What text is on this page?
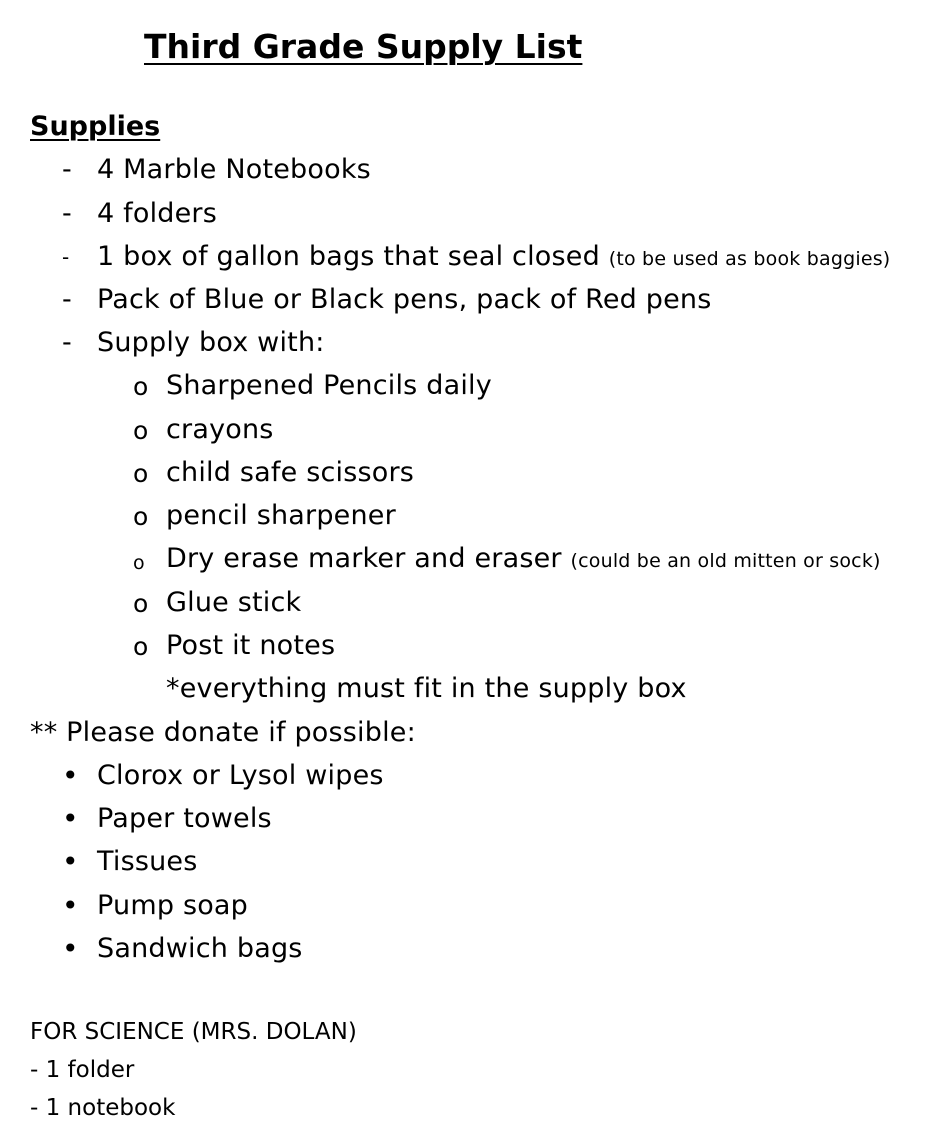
Third Grade Supply List
Supplies
- 4 Marble Notebooks
- 4 folders
- 1 box of gallon bags that seal closed (to be used as book baggies)
- Pack of Blue or Black pens, pack of Red pens
- Supply box with:
o Sharpened Pencils daily
o crayons
o child safe scissors
o pencil sharpener
o Dry erase marker and eraser (could be an old mitten or sock)
o Glue stick
o Post it notes
*everything must fit in the supply box
** Please donate if possible:
• Clorox or Lysol wipes
• Paper towels
• Tissues
• Pump soap
• Sandwich bags
FOR SCIENCE (MRS. DOLAN)
- 1 folder
- 1 notebook
